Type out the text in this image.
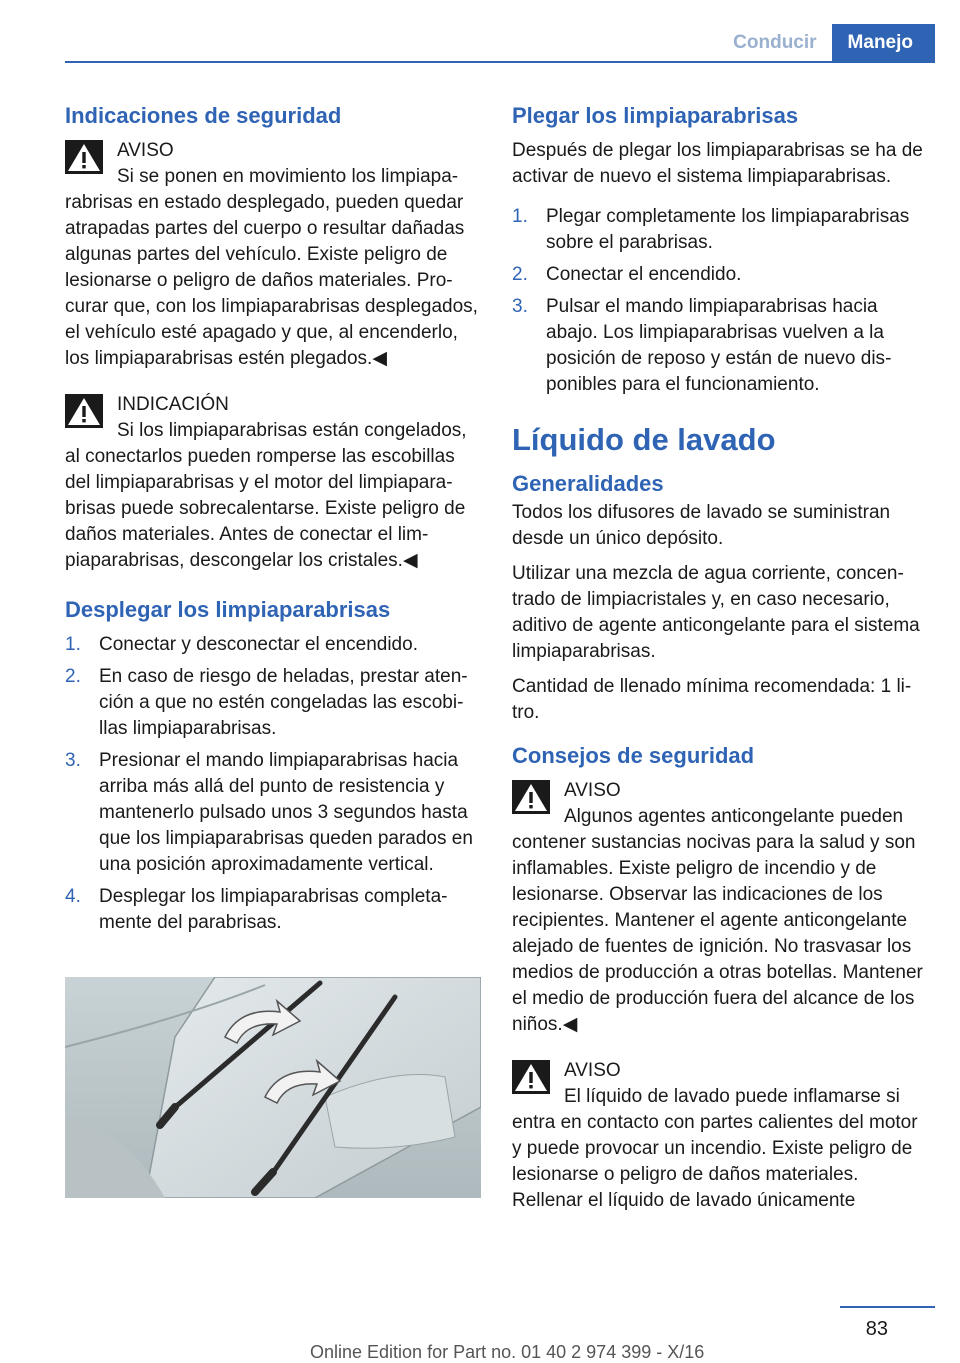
Conducir	Manejo
Indicaciones de seguridad
AVISO
Si se ponen en movimiento los limpiaparabrisas en estado desplegado, pueden quedar atrapadas partes del cuerpo o resultar dañadas algunas partes del vehículo. Existe peligro de lesionarse o peligro de daños materiales. Procurar que, con los limpiaparabrisas desplegados, el vehículo esté apagado y que, al encenderlo, los limpiaparabrisas estén plegados.◀
INDICACIÓN
Si los limpiaparabrisas están congelados, al conectarlos pueden romperse las escobillas del limpiaparabrisas y el motor del limpiaparabrisas puede sobrecalentarse. Existe peligro de daños materiales. Antes de conectar el limpiaparabrisas, descongelar los cristales.◀
Desplegar los limpiaparabrisas
1. Conectar y desconectar el encendido.
2. En caso de riesgo de heladas, prestar atención a que no estén congeladas las escobillas limpiaparabrisas.
3. Presionar el mando limpiaparabrisas hacia arriba más allá del punto de resistencia y mantenerlo pulsado unos 3 segundos hasta que los limpiaparabrisas queden parados en una posición aproximadamente vertical.
4. Desplegar los limpiaparabrisas completamente del parabrisas.
Plegar los limpiaparabrisas

Después de plegar los limpiaparabrisas se ha de activar de nuevo el sistema limpiaparabrisas.

1. Plegar completamente los limpiaparabrisas sobre el parabrisas.
2. Conectar el encendido.
3. Pulsar el mando limpiaparabrisas hacia abajo. Los limpiaparabrisas vuelven a la posición de reposo y están de nuevo disponibles para el funcionamiento.
Líquido de lavado
Generalidades

Todos los difusores de lavado se suministran desde un único depósito.

Utilizar una mezcla de agua corriente, concentrado de limpiacristales y, en caso necesario, aditivo de agente anticongelante para el sistema limpiaparabrisas.

Cantidad de llenado mínima recomendada: 1 litro.

Consejos de seguridad
AVISO
Algunos agentes anticongelante pueden contener sustancias nocivas para la salud y son inflamables. Existe peligro de incendio y de lesionarse. Observar las indicaciones de los recipientes. Mantener el agente anticongelante alejado de fuentes de ignición. No trasvasar los medios de producción a otras botellas. Mantener el medio de producción fuera del alcance de los niños.◀
AVISO
El líquido de lavado puede inflamarse si entra en contacto con partes calientes del motor y puede provocar un incendio. Existe peligro de lesionarse o peligro de daños materiales. Rellenar el líquido de lavado únicamente
83
Online Edition for Part no. 01 40 2 974 399 - X/16
